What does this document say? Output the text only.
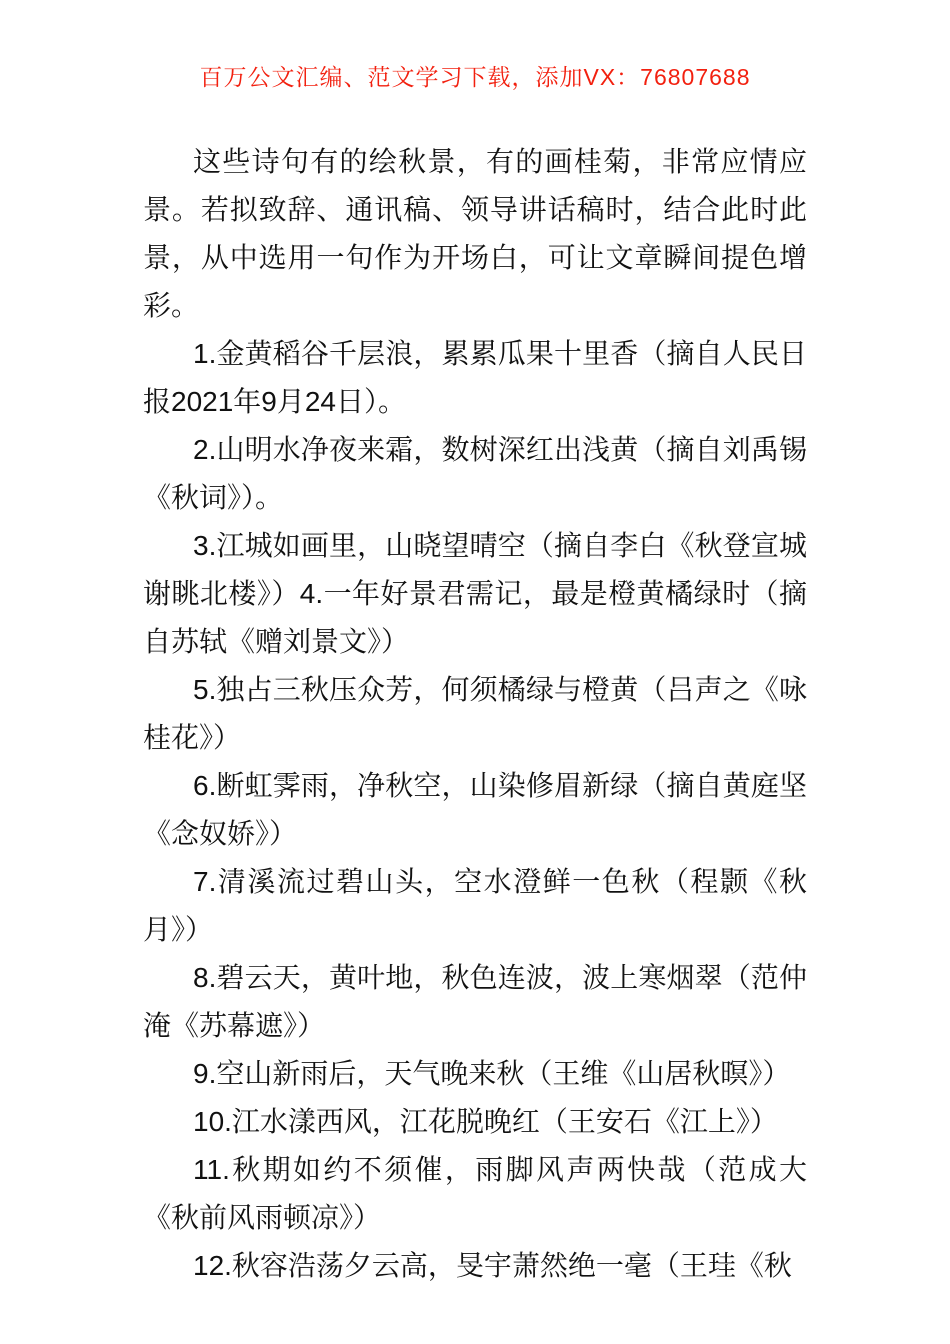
百万公文汇编、范文学习下载，添加VX：76807688

这些诗句有的绘秋景，有的画桂菊，非常应情应景。若拟致辞、通讯稿、领导讲话稿时，结合此时此景，从中选用一句作为开场白，可让文章瞬间提色增彩。

1.金黄稻谷千层浪，累累瓜果十里香（摘自人民日报2021年9月24日）。

2.山明水净夜来霜，数树深红出浅黄（摘自刘禹锡《秋词》）。

3.江城如画里，山晓望晴空（摘自李白《秋登宣城谢眺北楼》）4.一年好景君需记，最是橙黄橘绿时（摘自苏轼《赠刘景文》）

5.独占三秋压众芳，何须橘绿与橙黄（吕声之《咏桂花》）

6.断虹霁雨，净秋空，山染修眉新绿（摘自黄庭坚《念奴娇》）

7.清溪流过碧山头，空水澄鲜一色秋（程颢《秋月》）

8.碧云天，黄叶地，秋色连波，波上寒烟翠（范仲淹《苏幕遮》）

9.空山新雨后，天气晚来秋（王维《山居秋暝》）

10.江水漾西风，江花脱晚红（王安石《江上》）

11.秋期如约不须催，雨脚风声两快哉（范成大《秋前风雨顿凉》）

12.秋容浩荡夕云高，旻宇萧然绝一毫（王珪《秋
